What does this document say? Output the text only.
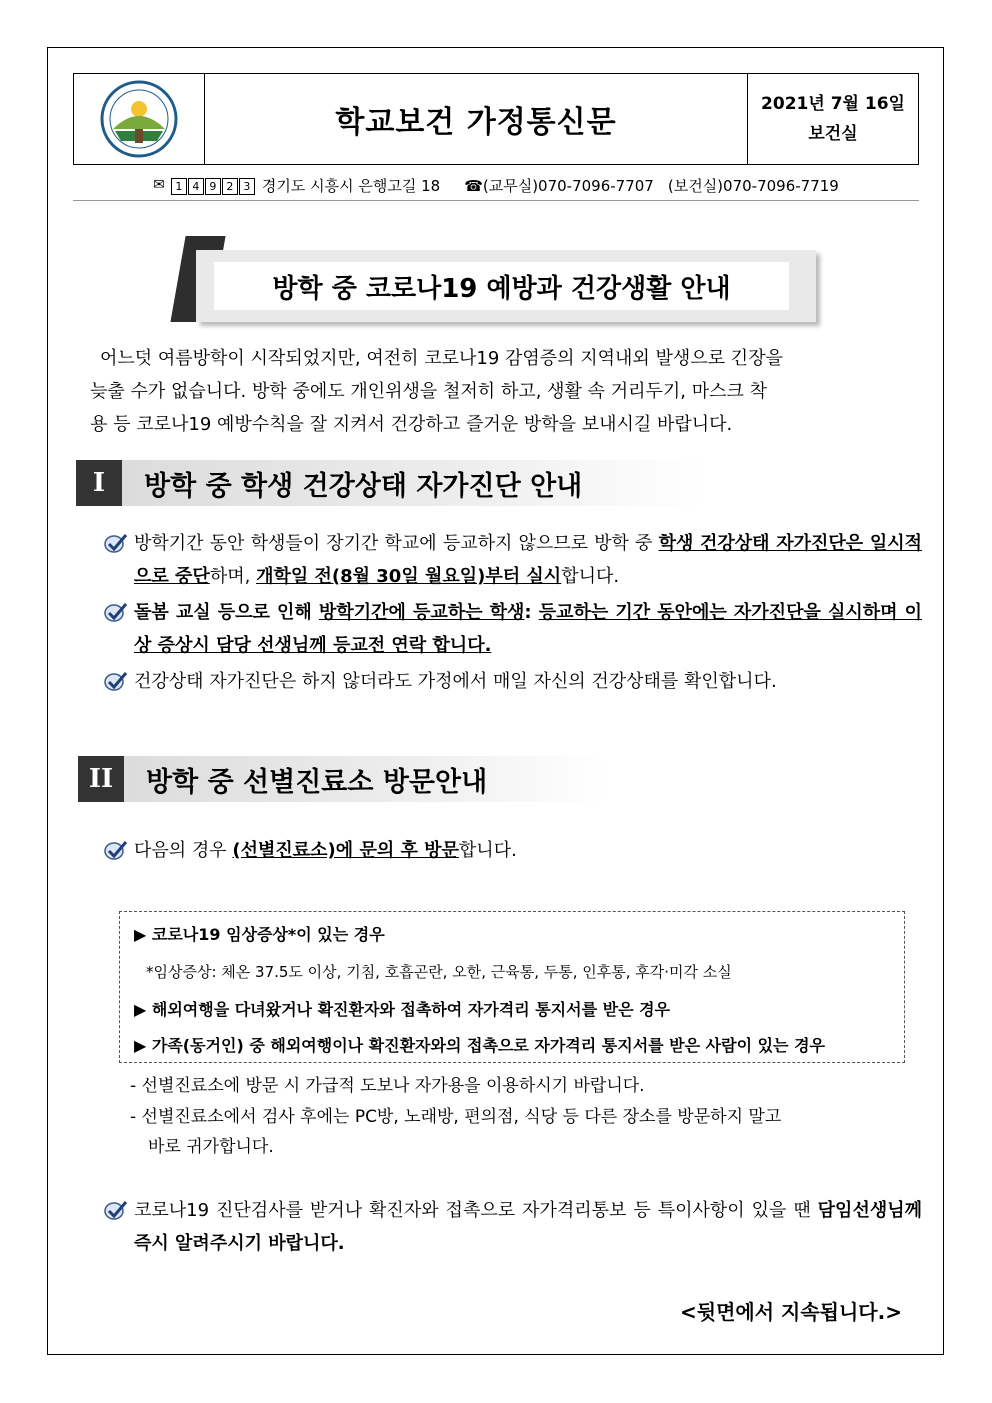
학교보건 가정통신문
2021년 7월 16일
보건실
✉ 1 4 9 2 3 경기도 시흥시 은행고길 18 ☎(교무실)070-7096-7707 (보건실)070-7096-7719
방학 중 코로나19 예방과 건강생활 안내

어느덧 여름방학이 시작되었지만, 여전히 코로나19 감염증의 지역내외 발생으로 긴장을

늦출 수가 없습니다. 방학 중에도 개인위생을 철저히 하고, 생활 속 거리두기, 마스크 착

용 등 코로나19 예방수칙을 잘 지켜서 건강하고 즐거운 방학을 보내시길 바랍니다.

I	방학 중 학생 건강상태 자가진단 안내
방학기간 동안 학생들이 장기간 학교에 등교하지 않으므로 방학 중 학생 건강상태 자가진단은 일시적으로 중단하며, 개학일 전(8월 30일 월요일)부터 실시합니다.
돌봄 교실 등으로 인해 방학기간에 등교하는 학생: 등교하는 기간 동안에는 자가진단을 실시하며 이상 증상시 담당 선생님께 등교전 연락 합니다.
건강상태 자가진단은 하지 않더라도 가정에서 매일 자신의 건강상태를 확인합니다.
II	방학 중 선별진료소 방문안내
다음의 경우 (선별진료소)에 문의 후 방문합니다.
▶ 코로나19 임상증상*이 있는 경우
*임상증상: 체온 37.5도 이상, 기침, 호흡곤란, 오한, 근육통, 두통, 인후통, 후각·미각 소실
▶ 해외여행을 다녀왔거나 확진환자와 접촉하여 자가격리 통지서를 받은 경우
▶ 가족(동거인) 중 해외여행이나 확진환자와의 접촉으로 자가격리 통지서를 받은 사람이 있는 경우
- 선별진료소에 방문 시 가급적 도보나 자가용을 이용하시기 바랍니다.
- 선별진료소에서 검사 후에는 PC방, 노래방, 편의점, 식당 등 다른 장소를 방문하지 말고
바로 귀가합니다.
코로나19 진단검사를 받거나 확진자와 접촉으로 자가격리통보 등 특이사항이 있을 땐 담임선생님께 즉시 알려주시기 바랍니다.
<뒷면에서 지속됩니다.>
